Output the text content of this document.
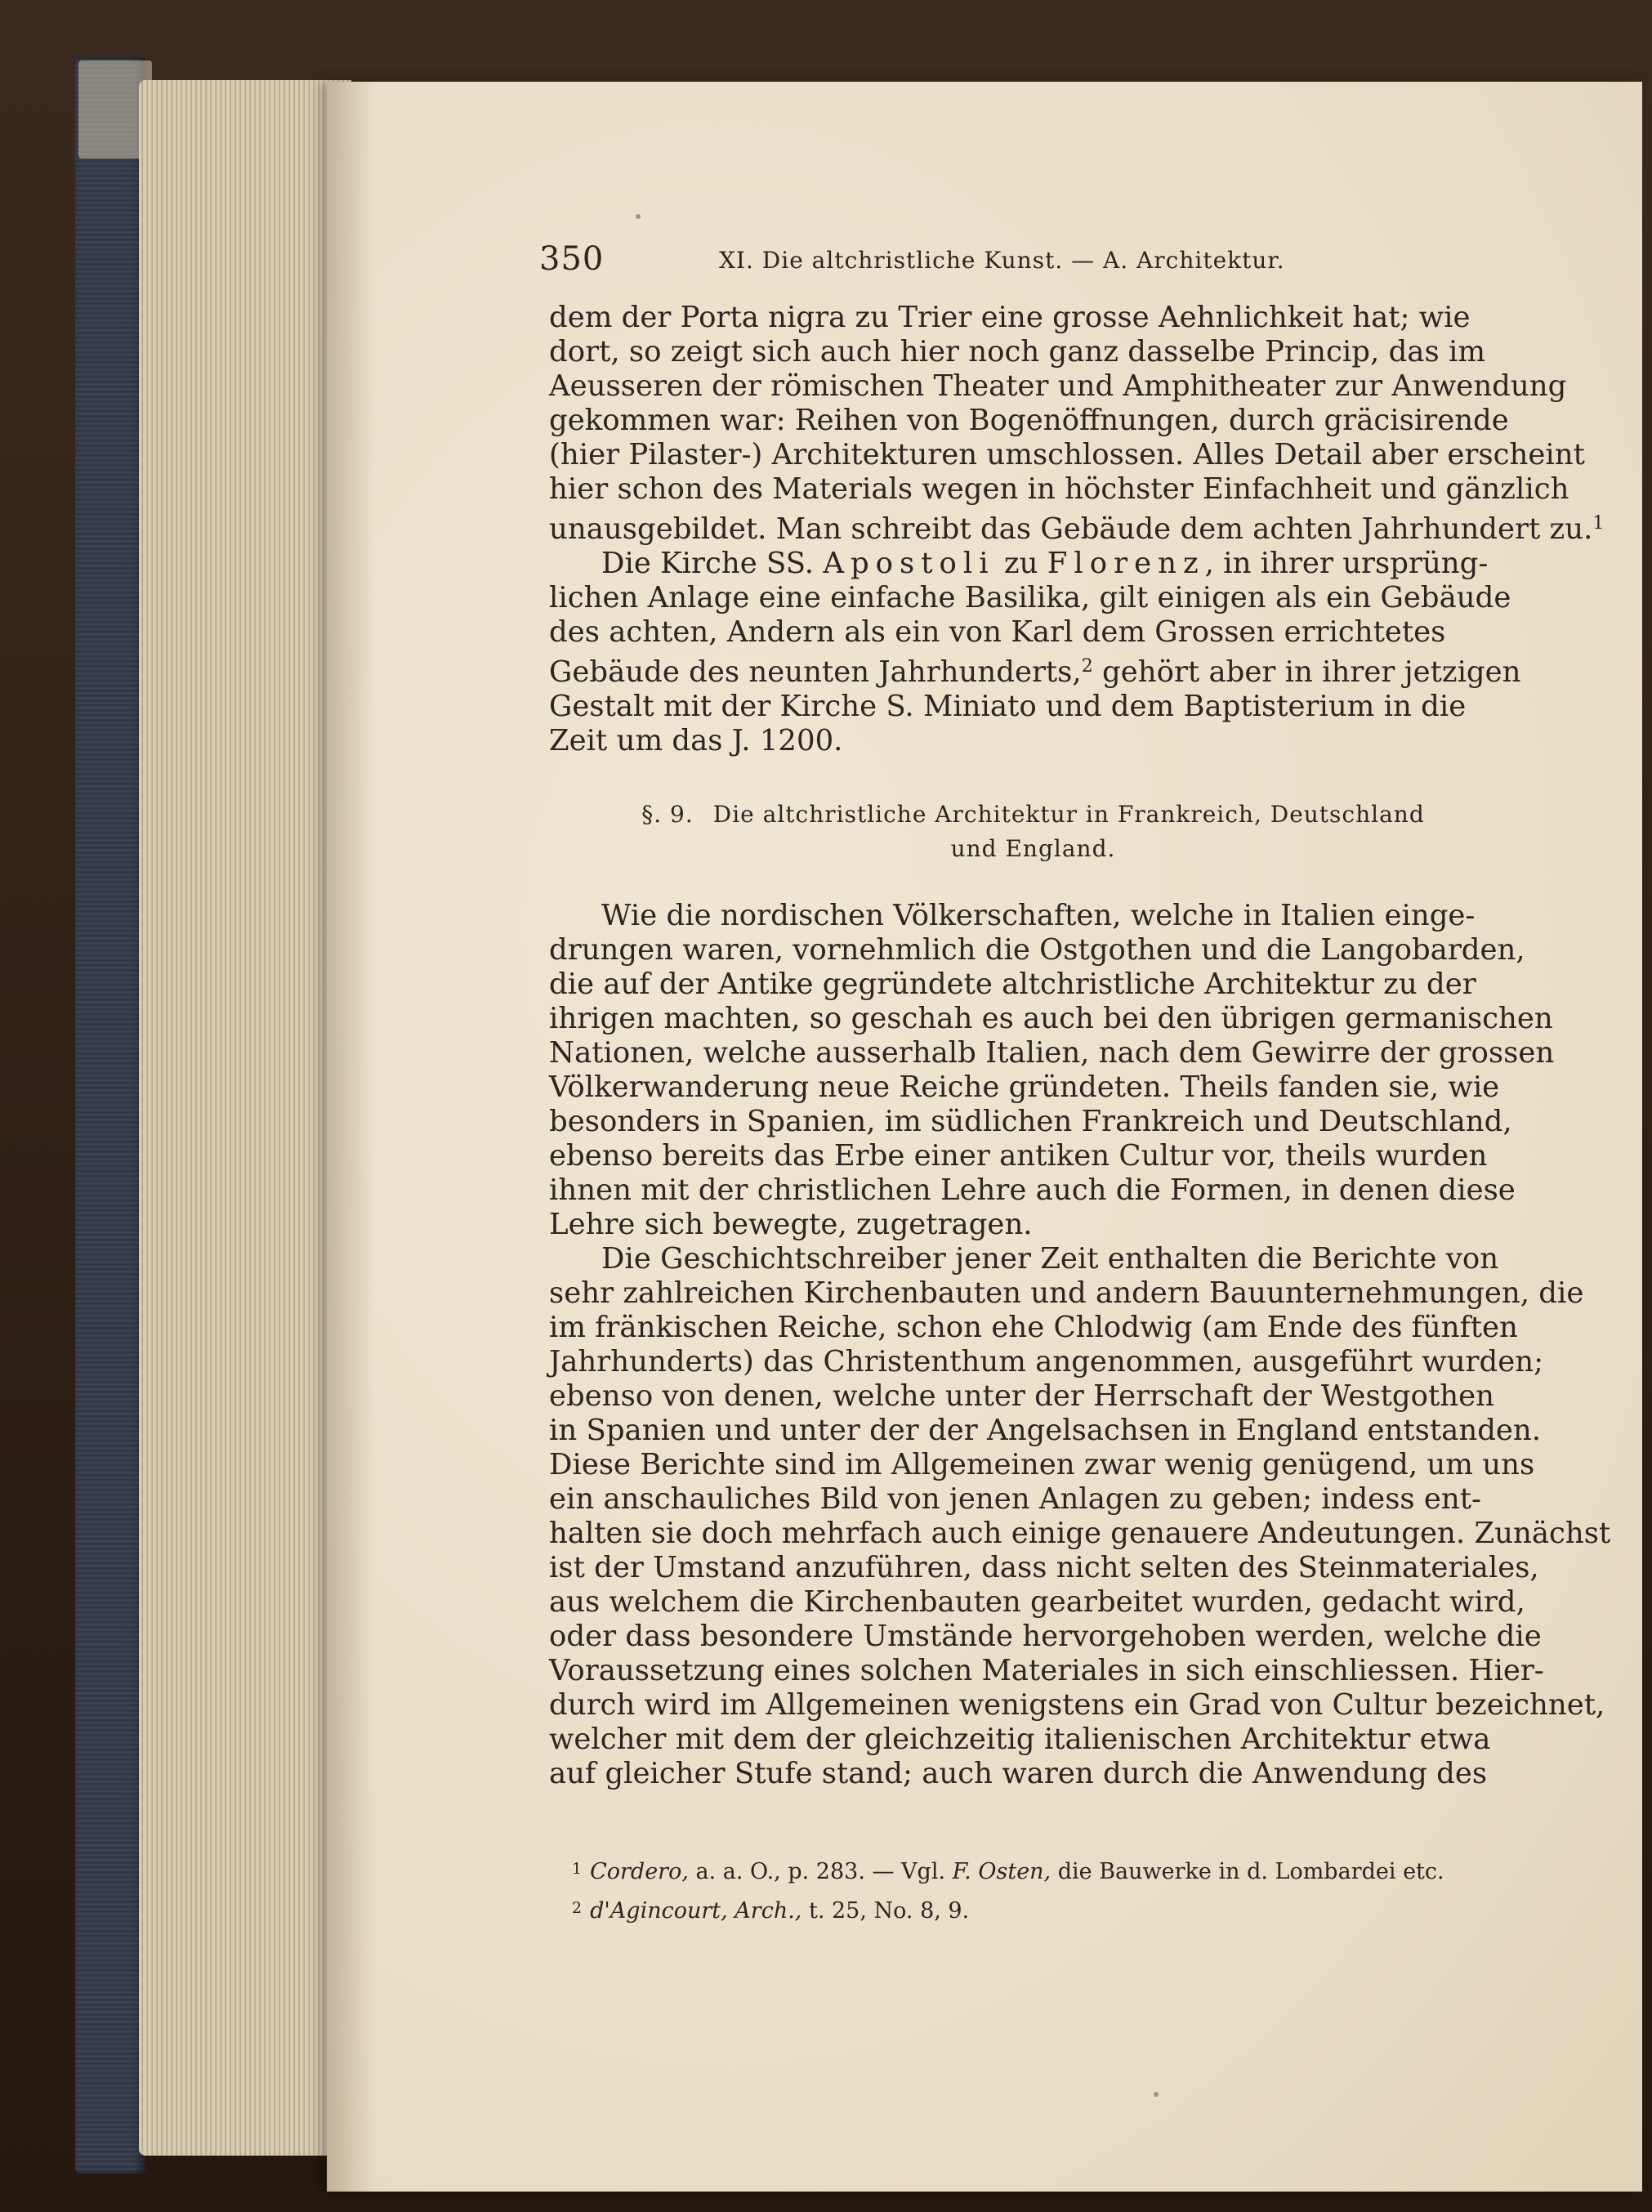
350	XI. Die altchristliche Kunst. — A. Architektur.
dem der Porta nigra zu Trier eine grosse Aehnlichkeit hat; wie
dort, so zeigt sich auch hier noch ganz dasselbe Princip, das im
Aeusseren der römischen Theater und Amphitheater zur Anwendung
gekommen war: Reihen von Bogenöffnungen, durch gräcisirende
(hier Pilaster-) Architekturen umschlossen. Alles Detail aber erscheint
hier schon des Materials wegen in höchster Einfachheit und gänzlich
unausgebildet. Man schreibt das Gebäude dem achten Jahrhundert zu.$^1$
Die Kirche SS. Apostoli zu Florenz, in ihrer ursprüng-
lichen Anlage eine einfache Basilika, gilt einigen als ein Gebäude
des achten, Andern als ein von Karl dem Grossen errichtetes
Gebäude des neunten Jahrhunderts,$^2$ gehört aber in ihrer jetzigen
Gestalt mit der Kirche S. Miniato und dem Baptisterium in die
Zeit um das J. 1200.
§. 9. Die altchristliche Architektur in Frankreich, Deutschland
und England.
Wie die nordischen Völkerschaften, welche in Italien einge-
drungen waren, vornehmlich die Ostgothen und die Langobarden,
die auf der Antike gegründete altchristliche Architektur zu der
ihrigen machten, so geschah es auch bei den übrigen germanischen
Nationen, welche ausserhalb Italien, nach dem Gewirre der grossen
Völkerwanderung neue Reiche gründeten. Theils fanden sie, wie
besonders in Spanien, im südlichen Frankreich und Deutschland,
ebenso bereits das Erbe einer antiken Cultur vor, theils wurden
ihnen mit der christlichen Lehre auch die Formen, in denen diese
Lehre sich bewegte, zugetragen.
Die Geschichtschreiber jener Zeit enthalten die Berichte von
sehr zahlreichen Kirchenbauten und andern Bauunternehmungen, die
im fränkischen Reiche, schon ehe Chlodwig (am Ende des fünften
Jahrhunderts) das Christenthum angenommen, ausgeführt wurden;
ebenso von denen, welche unter der Herrschaft der Westgothen
in Spanien und unter der der Angelsachsen in England entstanden.
Diese Berichte sind im Allgemeinen zwar wenig genügend, um uns
ein anschauliches Bild von jenen Anlagen zu geben; indess ent-
halten sie doch mehrfach auch einige genauere Andeutungen. Zunächst
ist der Umstand anzuführen, dass nicht selten des Steinmateriales,
aus welchem die Kirchenbauten gearbeitet wurden, gedacht wird,
oder dass besondere Umstände hervorgehoben werden, welche die
Voraussetzung eines solchen Materiales in sich einschliessen. Hier-
durch wird im Allgemeinen wenigstens ein Grad von Cultur bezeichnet,
welcher mit dem der gleichzeitig italienischen Architektur etwa
auf gleicher Stufe stand; auch waren durch die Anwendung des
$^1$ Cordero, a. a. O., p. 283. — Vgl. F. Osten, die Bauwerke in d. Lombardei etc.
$^2$ d'Agincourt, Arch., t. 25, No. 8, 9.
